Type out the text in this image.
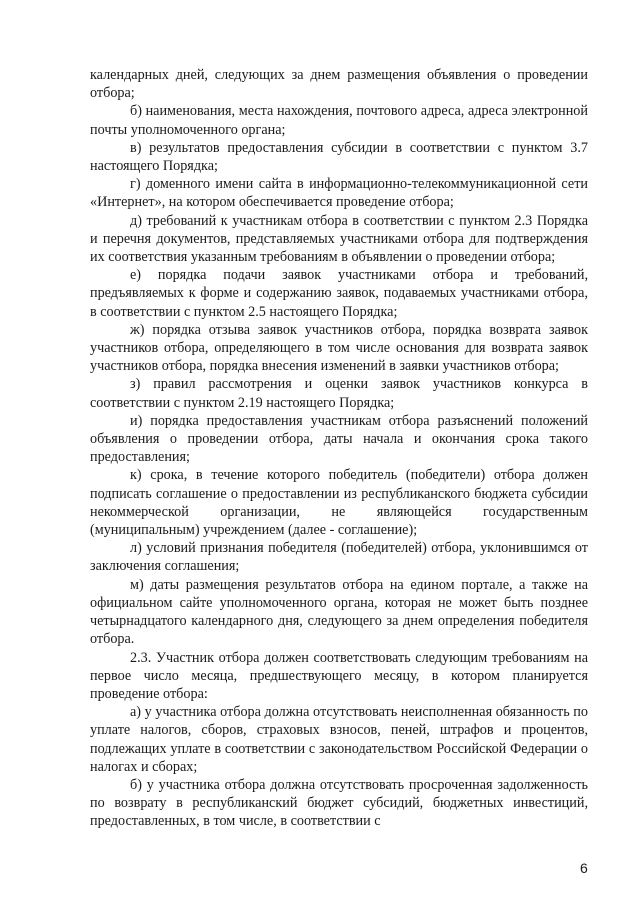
календарных дней, следующих за днем размещения объявления о проведении отбора;

б) наименования, места нахождения, почтового адреса, адреса электронной почты уполномоченного органа;

в) результатов предоставления субсидии в соответствии с пунктом 3.7 настоящего Порядка;

г) доменного имени сайта в информационно-телекоммуникационной сети «Интернет», на котором обеспечивается проведение отбора;

д) требований к участникам отбора в соответствии с пунктом 2.3 Порядка и перечня документов, представляемых участниками отбора для подтверждения их соответствия указанным требованиям в объявлении о проведении отбора;

е) порядка подачи заявок участниками отбора и требований, предъявляемых к форме и содержанию заявок, подаваемых участниками отбора, в соответствии с пунктом 2.5 настоящего Порядка;

ж) порядка отзыва заявок участников отбора, порядка возврата заявок участников отбора, определяющего в том числе основания для возврата заявок участников отбора, порядка внесения изменений в заявки участников отбора;

з) правил рассмотрения и оценки заявок участников конкурса в соответствии с пунктом 2.19 настоящего Порядка;

и) порядка предоставления участникам отбора разъяснений положений объявления о проведении отбора, даты начала и окончания срока такого предоставления;

к) срока, в течение которого победитель (победители) отбора должен подписать соглашение о предоставлении из республиканского бюджета субсидии некоммерческой организации, не являющейся государственным (муниципальным) учреждением (далее - соглашение);

л) условий признания победителя (победителей) отбора, уклонившимся от заключения соглашения;

м) даты размещения результатов отбора на едином портале, а также на официальном сайте уполномоченного органа, которая не может быть позднее четырнадцатого календарного дня, следующего за днем определения победителя отбора.

2.3. Участник отбора должен соответствовать следующим требованиям на первое число месяца, предшествующего месяцу, в котором планируется проведение отбора:

а) у участника отбора должна отсутствовать неисполненная обязанность по уплате налогов, сборов, страховых взносов, пеней, штрафов и процентов, подлежащих уплате в соответствии с законодательством Российской Федерации о налогах и сборах;

б) у участника отбора должна отсутствовать просроченная задолженность по возврату в республиканский бюджет субсидий, бюджетных инвестиций, предоставленных, в том числе, в соответствии с

6
